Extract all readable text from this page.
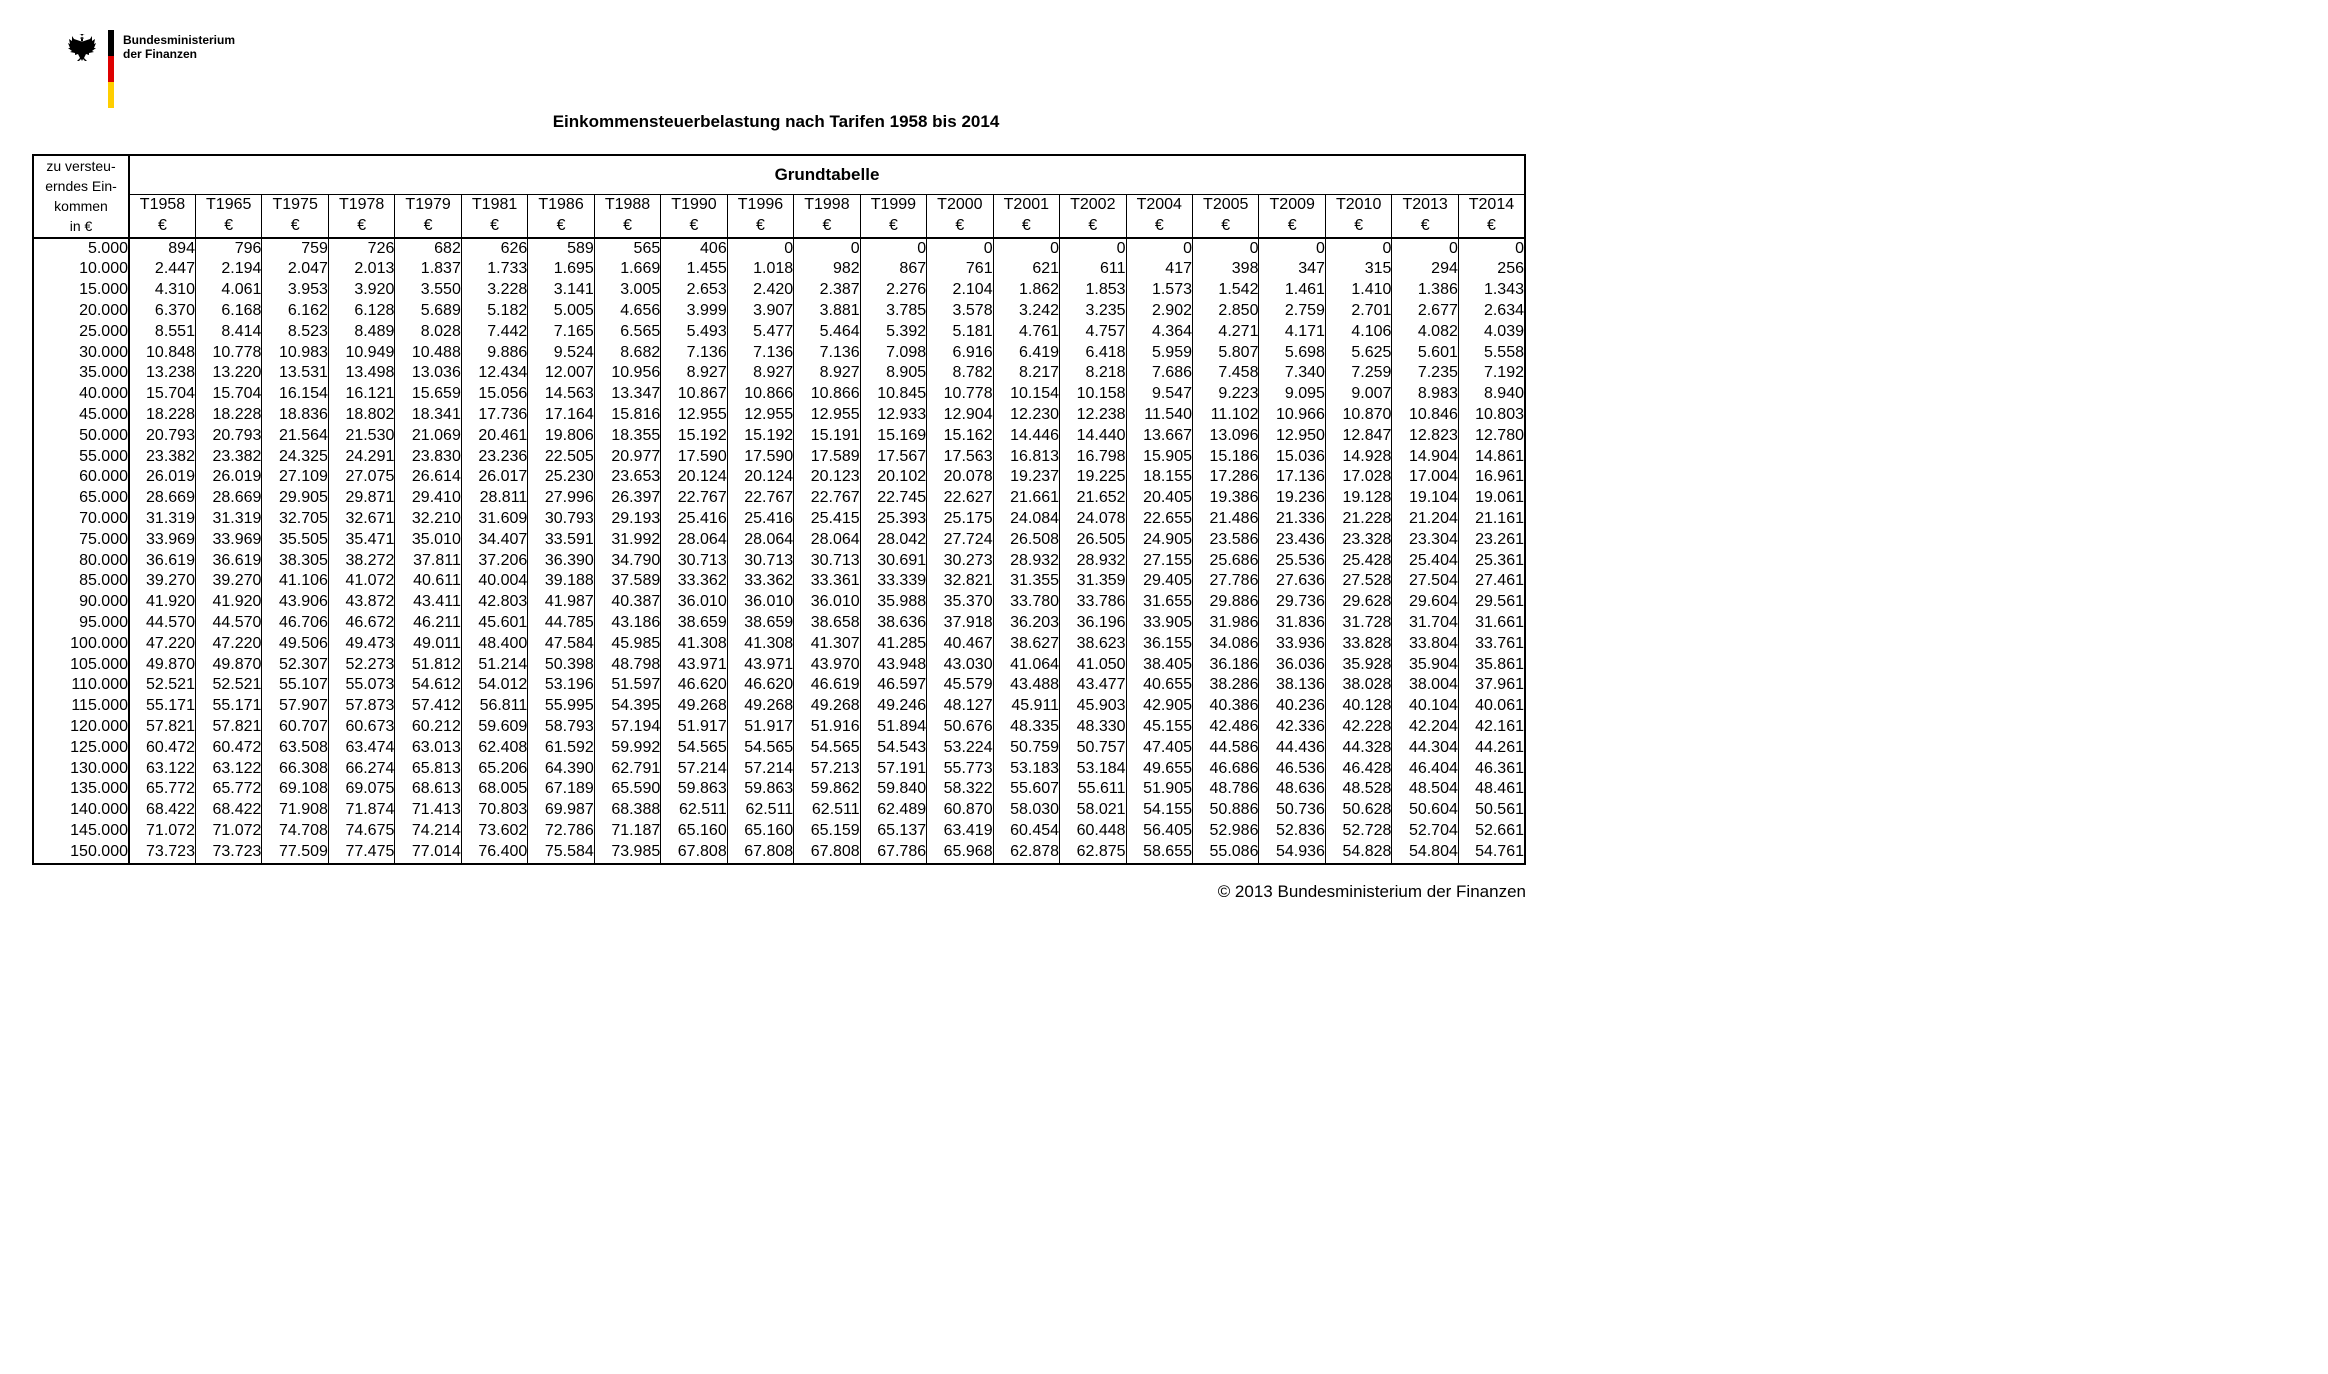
Bundesministerium
der Finanzen
Einkommensteuerbelastung nach Tarifen 1958 bis 2014
zu versteu-
erndes Ein-
kommen
in €	Grundtabelle																				
	T1958	T1965	T1975	T1978	T1979	T1981	T1986	T1988	T1990	T1996	T1998	T1999	T2000	T2001	T2002	T2004	T2005	T2009	T2010	T2013	T2014
	€	€	€	€	€	€	€	€	€	€	€	€	€	€	€	€	€	€	€	€	€
5.000	894	796	759	726	682	626	589	565	406	0	0	0	0	0	0	0	0	0	0	0	0
10.000	2.447	2.194	2.047	2.013	1.837	1.733	1.695	1.669	1.455	1.018	982	867	761	621	611	417	398	347	315	294	256
15.000	4.310	4.061	3.953	3.920	3.550	3.228	3.141	3.005	2.653	2.420	2.387	2.276	2.104	1.862	1.853	1.573	1.542	1.461	1.410	1.386	1.343
20.000	6.370	6.168	6.162	6.128	5.689	5.182	5.005	4.656	3.999	3.907	3.881	3.785	3.578	3.242	3.235	2.902	2.850	2.759	2.701	2.677	2.634
25.000	8.551	8.414	8.523	8.489	8.028	7.442	7.165	6.565	5.493	5.477	5.464	5.392	5.181	4.761	4.757	4.364	4.271	4.171	4.106	4.082	4.039
30.000	10.848	10.778	10.983	10.949	10.488	9.886	9.524	8.682	7.136	7.136	7.136	7.098	6.916	6.419	6.418	5.959	5.807	5.698	5.625	5.601	5.558
35.000	13.238	13.220	13.531	13.498	13.036	12.434	12.007	10.956	8.927	8.927	8.927	8.905	8.782	8.217	8.218	7.686	7.458	7.340	7.259	7.235	7.192
40.000	15.704	15.704	16.154	16.121	15.659	15.056	14.563	13.347	10.867	10.866	10.866	10.845	10.778	10.154	10.158	9.547	9.223	9.095	9.007	8.983	8.940
45.000	18.228	18.228	18.836	18.802	18.341	17.736	17.164	15.816	12.955	12.955	12.955	12.933	12.904	12.230	12.238	11.540	11.102	10.966	10.870	10.846	10.803
50.000	20.793	20.793	21.564	21.530	21.069	20.461	19.806	18.355	15.192	15.192	15.191	15.169	15.162	14.446	14.440	13.667	13.096	12.950	12.847	12.823	12.780
55.000	23.382	23.382	24.325	24.291	23.830	23.236	22.505	20.977	17.590	17.590	17.589	17.567	17.563	16.813	16.798	15.905	15.186	15.036	14.928	14.904	14.861
60.000	26.019	26.019	27.109	27.075	26.614	26.017	25.230	23.653	20.124	20.124	20.123	20.102	20.078	19.237	19.225	18.155	17.286	17.136	17.028	17.004	16.961
65.000	28.669	28.669	29.905	29.871	29.410	28.811	27.996	26.397	22.767	22.767	22.767	22.745	22.627	21.661	21.652	20.405	19.386	19.236	19.128	19.104	19.061
70.000	31.319	31.319	32.705	32.671	32.210	31.609	30.793	29.193	25.416	25.416	25.415	25.393	25.175	24.084	24.078	22.655	21.486	21.336	21.228	21.204	21.161
75.000	33.969	33.969	35.505	35.471	35.010	34.407	33.591	31.992	28.064	28.064	28.064	28.042	27.724	26.508	26.505	24.905	23.586	23.436	23.328	23.304	23.261
80.000	36.619	36.619	38.305	38.272	37.811	37.206	36.390	34.790	30.713	30.713	30.713	30.691	30.273	28.932	28.932	27.155	25.686	25.536	25.428	25.404	25.361
85.000	39.270	39.270	41.106	41.072	40.611	40.004	39.188	37.589	33.362	33.362	33.361	33.339	32.821	31.355	31.359	29.405	27.786	27.636	27.528	27.504	27.461
90.000	41.920	41.920	43.906	43.872	43.411	42.803	41.987	40.387	36.010	36.010	36.010	35.988	35.370	33.780	33.786	31.655	29.886	29.736	29.628	29.604	29.561
95.000	44.570	44.570	46.706	46.672	46.211	45.601	44.785	43.186	38.659	38.659	38.658	38.636	37.918	36.203	36.196	33.905	31.986	31.836	31.728	31.704	31.661
100.000	47.220	47.220	49.506	49.473	49.011	48.400	47.584	45.985	41.308	41.308	41.307	41.285	40.467	38.627	38.623	36.155	34.086	33.936	33.828	33.804	33.761
105.000	49.870	49.870	52.307	52.273	51.812	51.214	50.398	48.798	43.971	43.971	43.970	43.948	43.030	41.064	41.050	38.405	36.186	36.036	35.928	35.904	35.861
110.000	52.521	52.521	55.107	55.073	54.612	54.012	53.196	51.597	46.620	46.620	46.619	46.597	45.579	43.488	43.477	40.655	38.286	38.136	38.028	38.004	37.961
115.000	55.171	55.171	57.907	57.873	57.412	56.811	55.995	54.395	49.268	49.268	49.268	49.246	48.127	45.911	45.903	42.905	40.386	40.236	40.128	40.104	40.061
120.000	57.821	57.821	60.707	60.673	60.212	59.609	58.793	57.194	51.917	51.917	51.916	51.894	50.676	48.335	48.330	45.155	42.486	42.336	42.228	42.204	42.161
125.000	60.472	60.472	63.508	63.474	63.013	62.408	61.592	59.992	54.565	54.565	54.565	54.543	53.224	50.759	50.757	47.405	44.586	44.436	44.328	44.304	44.261
130.000	63.122	63.122	66.308	66.274	65.813	65.206	64.390	62.791	57.214	57.214	57.213	57.191	55.773	53.183	53.184	49.655	46.686	46.536	46.428	46.404	46.361
135.000	65.772	65.772	69.108	69.075	68.613	68.005	67.189	65.590	59.863	59.863	59.862	59.840	58.322	55.607	55.611	51.905	48.786	48.636	48.528	48.504	48.461
140.000	68.422	68.422	71.908	71.874	71.413	70.803	69.987	68.388	62.511	62.511	62.511	62.489	60.870	58.030	58.021	54.155	50.886	50.736	50.628	50.604	50.561
145.000	71.072	71.072	74.708	74.675	74.214	73.602	72.786	71.187	65.160	65.160	65.159	65.137	63.419	60.454	60.448	56.405	52.986	52.836	52.728	52.704	52.661
150.000	73.723	73.723	77.509	77.475	77.014	76.400	75.584	73.985	67.808	67.808	67.808	67.786	65.968	62.878	62.875	58.655	55.086	54.936	54.828	54.804	54.761
© 2013 Bundesministerium der Finanzen
